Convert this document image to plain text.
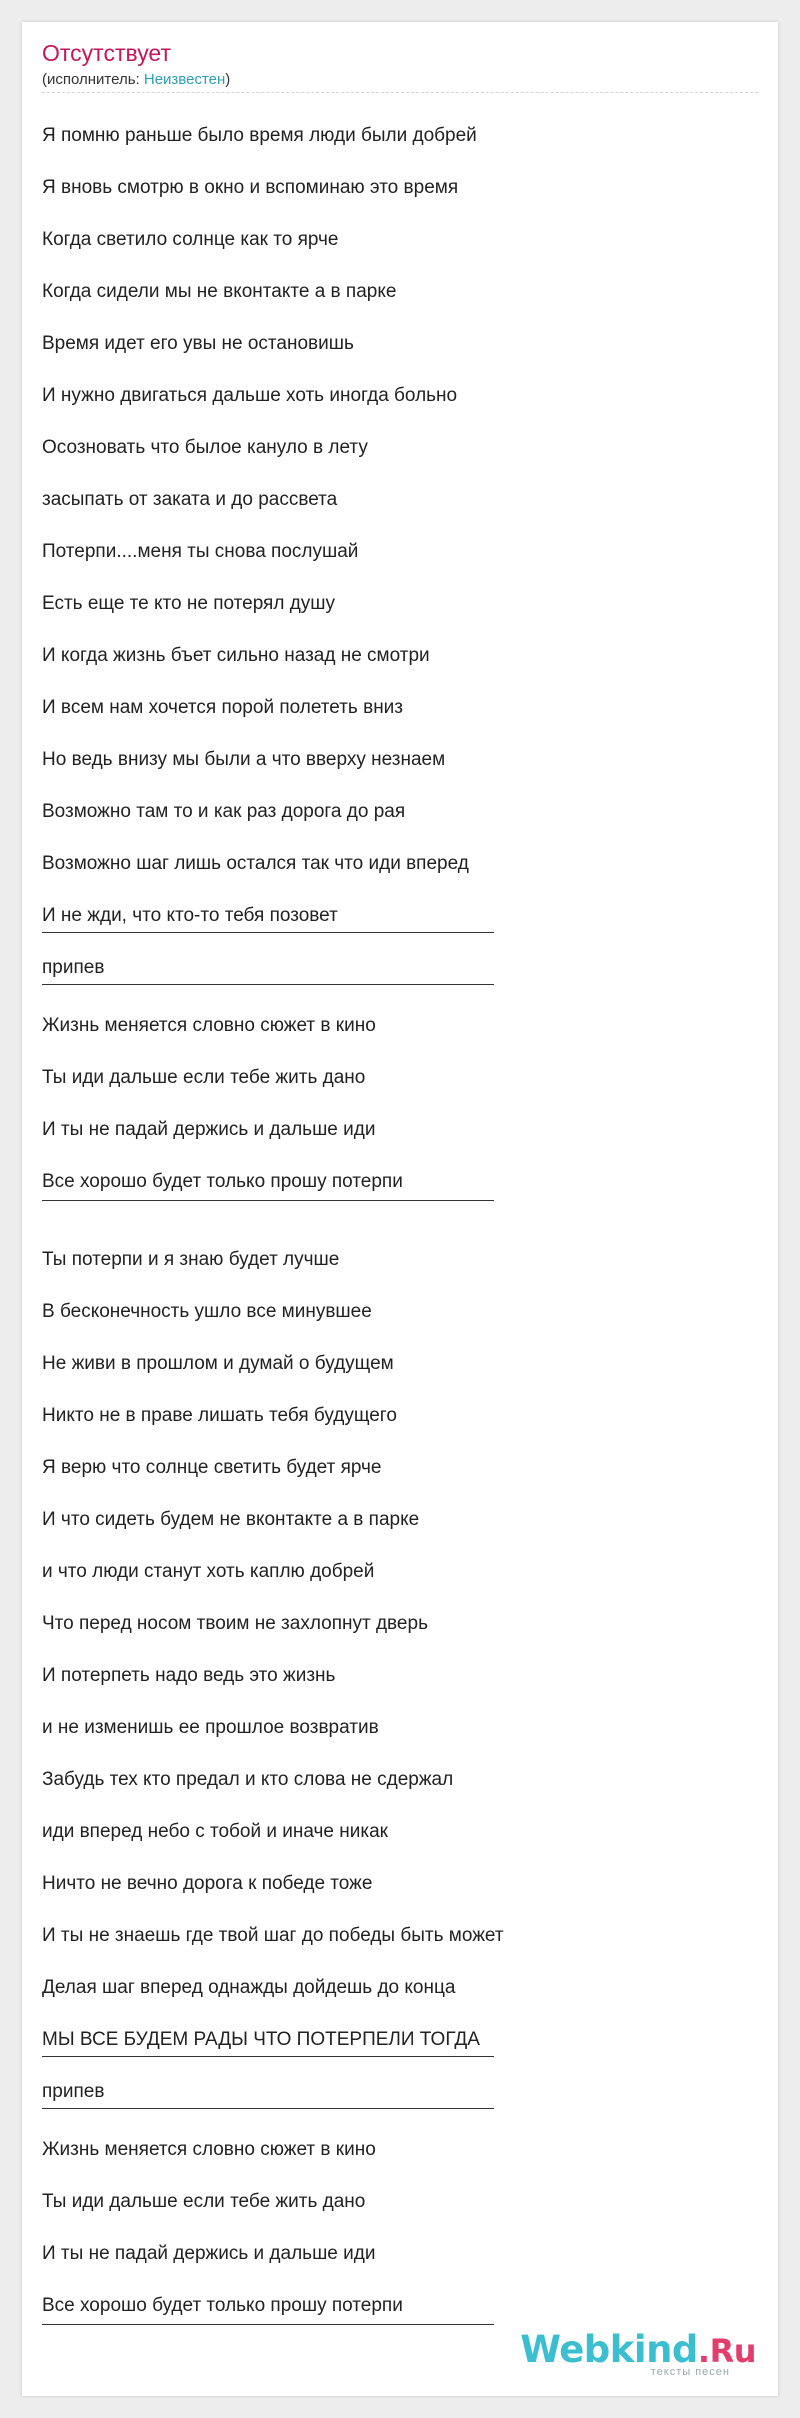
Отсутствует
(исполнитель: Неизвестен)
Я помню раньше было время люди были добрей
Я вновь смотрю в окно и вспоминаю это время
Когда светило солнце как то ярче
Когда сидели мы не вконтакте а в парке
Время идет его увы не остановишь
И нужно двигаться дальше хоть иногда больно
Осозновать что былое кануло в лету
засыпать от заката и до рассвета
Потерпи....меня ты снова послушай
Есть еще те кто не потерял душу
И когда жизнь бъет сильно назад не смотри
И всем нам хочется порой полететь вниз
Но ведь внизу мы были а что вверху незнаем
Возможно там то и как раз дорога до рая
Возможно шаг лишь остался так что иди вперед
И не жди, что кто-то тебя позовет
припев
Жизнь меняется словно сюжет в кино
Ты иди дальше если тебе жить дано
И ты не падай держись и дальше иди
Все хорошо будет только прошу потерпи
Ты потерпи и я знаю будет лучше
В бесконечность ушло все минувшее
Не живи в прошлом и думай о будущем
Никто не в праве лишать тебя будущего
Я верю что солнце светить будет ярче
И что сидеть будем не вконтакте а в парке
и что люди станут хоть каплю добрей
Что перед носом твоим не захлопнут дверь
И потерпеть надо ведь это жизнь
и не изменишь ее прошлое возвратив
Забудь тех кто предал и кто слова не сдержал
иди вперед небо с тобой и иначе никак
Ничто не вечно дорога к победе тоже
И ты не знаешь где твой шаг до победы быть может
Делая шаг вперед однажды дойдешь до конца
МЫ ВСЕ БУДЕМ РАДЫ ЧТО ПОТЕРПЕЛИ ТОГДА
припев
Жизнь меняется словно сюжет в кино
Ты иди дальше если тебе жить дано
И ты не падай держись и дальше иди
Все хорошо будет только прошу потерпи
Webkind.Ru
тексты песен
